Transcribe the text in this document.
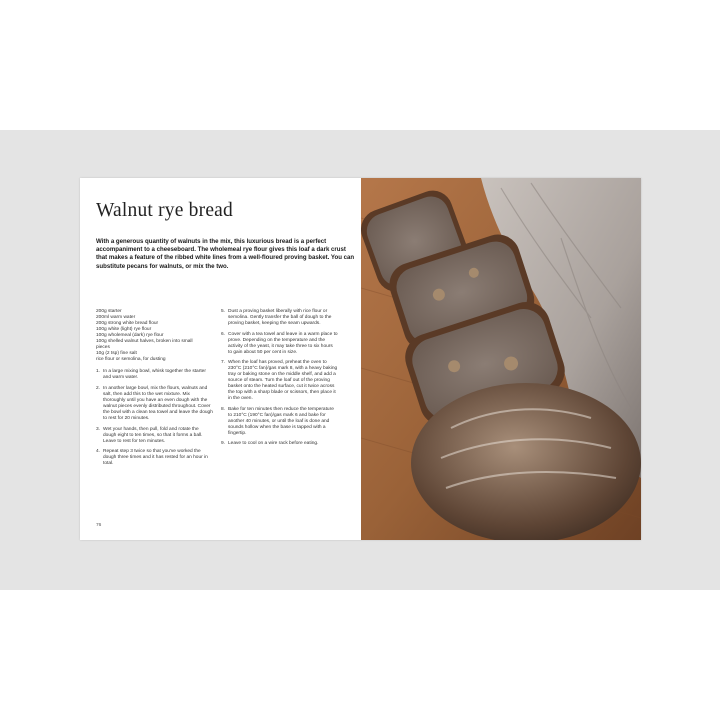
Walnut rye bread
With a generous quantity of walnuts in the mix, this luxurious bread is a perfect accompaniment to a cheeseboard. The wholemeal rye flour gives this loaf a dark crust that makes a feature of the ribbed white lines from a well-floured proving basket. You can substitute pecans for walnuts, or mix the two.
200g starter
200ml warm water
200g strong white bread flour
100g white (light) rye flour
100g wholemeal (dark) rye flour
100g shelled walnut halves, broken into small
pieces
10g (2 tsp) fine salt
rice flour or semolina, for dusting
1. In a large mixing bowl, whisk together the starter and warm water.
2. In another large bowl, mix the flours, walnuts and salt, then add this to the wet mixture. Mix thoroughly until you have an even dough with the walnut pieces evenly distributed throughout. Cover the bowl with a clean tea towel and leave the dough to rest for 20 minutes.
3. Wet your hands, then pull, fold and rotate the dough eight to ten times, so that it forms a ball. Leave to rest for ten minutes.
4. Repeat step 3 twice so that you've worked the dough three times and it has rested for an hour in total.
5. Dust a proving basket liberally with rice flour or semolina. Gently transfer the ball of dough to the proving basket, keeping the seam upwards.
6. Cover with a tea towel and leave in a warm place to prove. Depending on the temperature and the activity of the yeast, it may take three to six hours to gain about 50 per cent in size.
7. When the loaf has proved, preheat the oven to 230°C (210°C fan)/gas mark 8, with a heavy baking tray or baking stone on the middle shelf, and add a source of steam. Turn the loaf out of the proving basket onto the heated surface, cut it twice across the top with a sharp blade or scissors, then place it in the oven.
8. Bake for ten minutes then reduce the temperature to 210°C (190°C fan)/gas mark 6 and bake for another 40 minutes, or until the loaf is done and sounds hollow when the base is tapped with a fingertip.
9. Leave to cool on a wire rack before eating.
76
